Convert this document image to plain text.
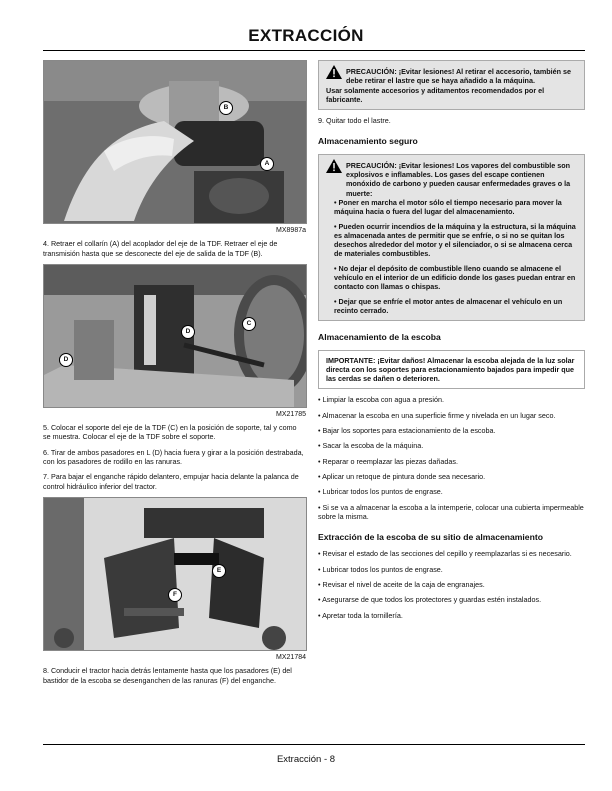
EXTRACCIÓN
B
A
MX8987a

4. Retraer el collarín (A) del acoplador del eje de la TDF. Retraer el eje de transmisión hasta que se desconecte del eje de salida de la TDF (B).

C
D
D
MX21785

5. Colocar el soporte del eje de la TDF (C) en la posición de soporte, tal y como se muestra. Colocar el eje de la TDF sobre el soporte.

6. Tirar de ambos pasadores en L (D) hacia fuera y girar a la posición destrabada, con los pasadores de rodillo en las ranuras.

7. Para bajar el enganche rápido delantero, empujar hacia delante la palanca de control hidráulico inferior del tractor.

E
F
MX21784

8. Conducir el tractor hacia detrás lentamente hasta que los pasadores (E) del bastidor de la escoba se desenganchen de las ranuras (F) del enganche.

PRECAUCIÓN: ¡Evitar lesiones! Al retirar el accesorio, también se debe retirar el lastre que se haya añadido a la máquina.

Usar solamente accesorios y aditamentos recomendados por el fabricante.

9. Quitar todo el lastre.

Almacenamiento seguro

PRECAUCIÓN: ¡Evitar lesiones! Los vapores del combustible son explosivos e inflamables. Los gases del escape contienen monóxido de carbono y pueden causar enfermedades graves o la muerte:

• Poner en marcha el motor sólo el tiempo necesario para mover la máquina hacia o fuera del lugar del almacenamiento.

• Pueden ocurrir incendios de la máquina y la estructura, si la máquina es almacenada antes de permitir que se enfríe, o si no se quitan los desechos alrededor del motor y el silenciador, o si se almacena cerca de materiales combustibles.

• No dejar el depósito de combustible lleno cuando se almacene el vehículo en el interior de un edificio donde los gases puedan entrar en contacto con llamas o chispas.

• Dejar que se enfríe el motor antes de almacenar el vehículo en un recinto cerrado.

Almacenamiento de la escoba

IMPORTANTE: ¡Evitar daños! Almacenar la escoba alejada de la luz solar directa con los soportes para estacionamiento bajados para impedir que las cerdas se dañen o deterioren.

• Limpiar la escoba con agua a presión.
• Almacenar la escoba en una superficie firme y nivelada en un lugar seco.
• Bajar los soportes para estacionamiento de la escoba.
• Sacar la escoba de la máquina.
• Reparar o reemplazar las piezas dañadas.
• Aplicar un retoque de pintura donde sea necesario.
• Lubricar todos los puntos de engrase.
• Si se va a almacenar la escoba a la intemperie, colocar una cubierta impermeable sobre la misma.
Extracción de la escoba de su sitio de almacenamiento
• Revisar el estado de las secciones del cepillo y reemplazarlas si es necesario.
• Lubricar todos los puntos de engrase.
• Revisar el nivel de aceite de la caja de engranajes.
• Asegurarse de que todos los protectores y guardas estén instalados.
• Apretar toda la tornillería.
Extracción - 8
